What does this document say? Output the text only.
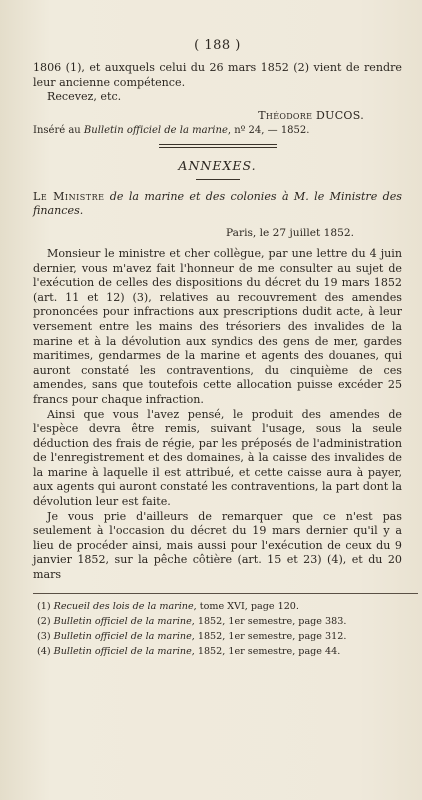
( 188 )

1806 (1), et auxquels celui du 26 mars 1852 (2) vient de rendre leur ancienne compétence.

Recevez, etc.

Théodore DUCOS.
Inséré au Bulletin officiel de la marine, nº 24, — 1852.
ANNEXES.
Le Ministre de la marine et des colonies à M. le Ministre des finances.
Paris, le 27 juillet 1852.

Monsieur le ministre et cher collègue, par une lettre du 4 juin dernier, vous m'avez fait l'honneur de me consulter au sujet de l'exécution de celles des dispositions du décret du 19 mars 1852 (art. 11 et 12) (3), relatives au recouvrement des amendes prononcées pour infractions aux prescriptions dudit acte, à leur versement entre les mains des trésoriers des invalides de la marine et à la dévolution aux syndics des gens de mer, gardes maritimes, gendarmes de la marine et agents des douanes, qui auront constaté les contraventions, du cinquième de ces amendes, sans que toutefois cette allocation puisse excéder 25 francs pour chaque infraction.

Ainsi que vous l'avez pensé, le produit des amendes de l'espèce devra être remis, suivant l'usage, sous la seule déduction des frais de régie, par les préposés de l'administration de l'enregistrement et des domaines, à la caisse des invalides de la marine à laquelle il est attribué, et cette caisse aura à payer, aux agents qui auront constaté les contraventions, la part dont la dévolution leur est faite.

Je vous prie d'ailleurs de remarquer que ce n'est pas seulement à l'occasion du décret du 19 mars dernier qu'il y a lieu de procéder ainsi, mais aussi pour l'exécution de ceux du 9 janvier 1852, sur la pêche côtière (art. 15 et 23) (4), et du 20 mars

(1) Recueil des lois de la marine, tome XVI, page 120.
(2) Bulletin officiel de la marine, 1852, 1er semestre, page 383.
(3) Bulletin officiel de la marine, 1852, 1er semestre, page 312.
(4) Bulletin officiel de la marine, 1852, 1er semestre, page 44.
